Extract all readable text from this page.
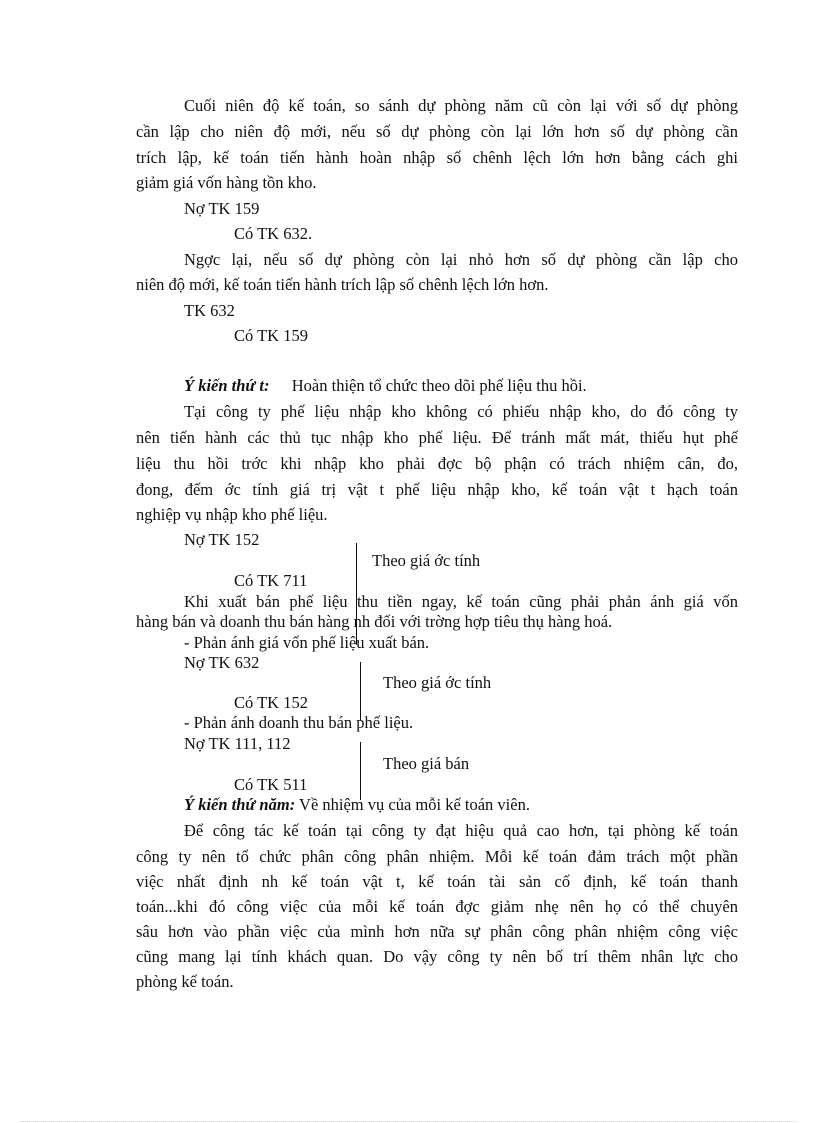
Cuối niên độ kế toán, so sánh dự phòng năm cũ còn lại với số dự phòng
cần lập cho niên độ mới, nếu số dự phòng còn lại lớn hơn số dự phòng cần
trích lập, kế toán tiến hành hoàn nhập số chênh lệch lớn hơn bằng cách ghi
giảm giá vốn hàng tồn kho.
Nợ TK 159
Có TK 632.
Ngợc lại, nếu số dự phòng còn lại nhỏ hơn số dự phòng cần lập cho
niên độ mới, kế toán tiến hành trích lập số chênh lệch lớn hơn.
TK 632
Có TK 159
Ý kiến thứ t: Hoàn thiện tổ chức theo dõi phế liệu thu hồi.
Tại công ty phế liệu nhập kho không có phiếu nhập kho, do đó công ty
nên tiến hành các thủ tục nhập kho phế liệu. Để tránh mất mát, thiếu hụt phế
liệu thu hồi trớc khi nhập kho phải đợc bộ phận có trách nhiệm cân, đo,
đong, đếm ớc tính giá trị vật t phế liệu nhập kho, kế toán vật t hạch toán
nghiệp vụ nhập kho phế liệu.
Nợ TK 152
Theo giá ớc tính
Có TK 711
Khi xuất bán phế liệu thu tiền ngay, kế toán cũng phải phản ánh giá vốn
hàng bán và doanh thu bán hàng nh đối với trờng hợp tiêu thụ hàng hoá.
- Phản ánh giá vốn phế liệu xuất bán.
Nợ TK 632
Theo giá ớc tính
Có TK 152
- Phản ánh doanh thu bán phế liệu.
Nợ TK 111, 112
Theo giá bán
Có TK 511
Ý kiến thứ năm: Về nhiệm vụ của mỗi kế toán viên.
Để công tác kế toán tại công ty đạt hiệu quả cao hơn, tại phòng kế toán
công ty nên tổ chức phân công phân nhiệm. Mỗi kế toán đảm trách một phần
việc nhất định nh kế toán vật t, kế toán tài sản cố định, kế toán thanh
toán...khi đó công việc của mỗi kế toán đợc giảm nhẹ nên họ có thể chuyên
sâu hơn vào phần việc của mình hơn nữa sự phân công phân nhiệm công việc
cũng mang lại tính khách quan. Do vậy công ty nên bố trí thêm nhân lực cho
phòng kế toán.
